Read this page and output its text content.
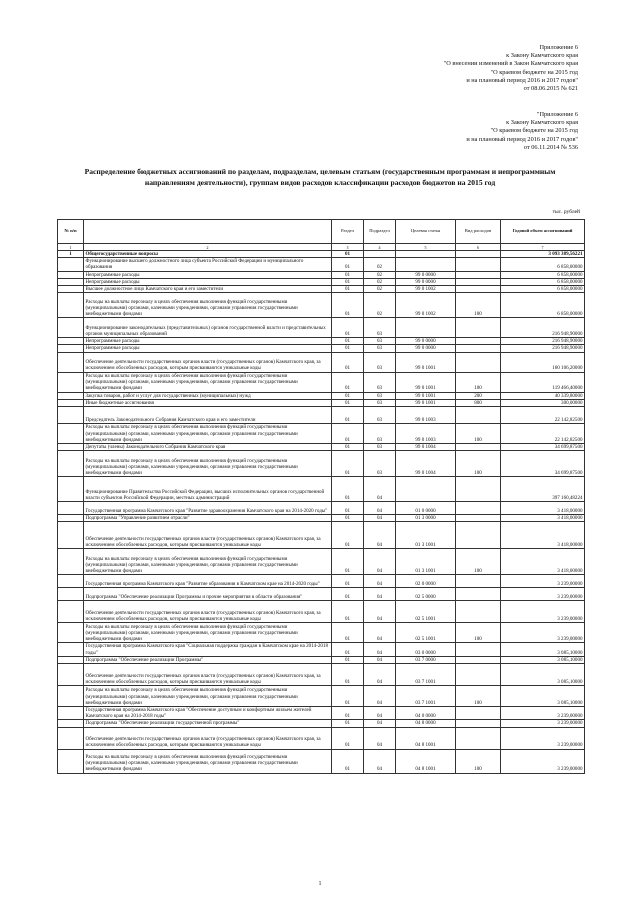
Приложение 6
к Закону Камчатского края
"О внесении изменений в Закон Камчатского края
"О краевом бюджете на 2015 год
и на плановый период 2016 и 2017 годов"
от 08.06.2015 № 621
"Приложение 6
к Закону Камчатского края
"О краевом бюджете на 2015 год
и на плановый период 2016 и 2017 годов"
от 06.11.2014 № 536
Распределение бюджетных ассигнований по разделам, подразделам, целевым статьям (государственным программам и непрограммным направлениям деятельности), группам видов расходов классификации расходов бюджетов на 2015 год
тыс. рублей
№ п/п		Раздел	Подраздел	Целевая статья	Вид расходов	Годовой объем ассигнований
1	2	3	4	5	6	7
1	Общегосударственные вопросы	01				3 093 389,56221
	Функционирование высшего должностного лица субъекта Российской Федерации и муниципального образования	01	02			6 858,00000
	Непрограммные расходы	01	02	99 0 0000		6 858,00000
	Непрограммные расходы	01	02	99 0 0000		6 858,00000
	Высшее должностное лицо Камчатского края и его заместители	01	02	99 0 1002		6 858,00000
	Расходы на выплаты персоналу в целях обеспечения выполнения функций государственными (муниципальными) органами, казенными учреждениями, органами управления государственными внебюджетными фондами	01	02	99 0 1002	100	6 858,00000
	Функционирование законодательных (представительных) органов государственной власти и представительных органов муниципальных образований	01	03			216 948,90000
	Непрограммные расходы	01	03	99 0 0000		216 948,90000
	Непрограммные расходы	01	03	99 0 0000		216 948,90000
	Обеспечение деятельности государственных органов власти (государственных органов) Камчатского края, за исключением обособленных расходов, которым присваиваются уникальные коды	01	03	99 0 1001		160 106,20000
	Расходы на выплаты персоналу в целях обеспечения выполнения функций государственными (муниципальными) органами, казенными учреждениями, органами управления государственными внебюджетными фондами	01	03	99 0 1001	100	119 466,40000
	Закупка товаров, работ и услуг для государственных (муниципальных) нужд	01	03	99 0 1001	200	40 339,80000
	Иные бюджетные ассигнования	01	03	99 0 1001	800	300,00000
	Председатель Законодательного Собрания Камчатского края и его заместители	01	03	99 0 1003		22 142,82500
	Расходы на выплаты персоналу в целях обеспечения выполнения функций государственными (муниципальными) органами, казенными учреждениями, органами управления государственными внебюджетными фондами	01	03	99 0 1003	100	22 142,82500
	Депутаты (члены) Законодательного Собрания Камчатского края	01	03	99 0 1004		34 699,87500
	Расходы на выплаты персоналу в целях обеспечения выполнения функций государственными (муниципальными) органами, казенными учреждениями, органами управления государственными внебюджетными фондами	01	03	99 0 1004	100	34 699,87500
	Функционирование Правительства Российской Федерации, высших исполнительных органов государственной власти субъектов Российской Федерации, местных администраций	01	04			397 160,48224
	Государственная программа Камчатского края "Развитие здравоохранения Камчатского края на 2014-2020 годы"	01	04	01 0 0000		3 418,00000
	Подпрограмма "Управление развитием отрасли"	01	04	01 3 0000		3 418,00000
	Обеспечение деятельности государственных органов власти (государственных органов) Камчатского края, за исключением обособленных расходов, которым присваиваются уникальные коды	01	04	01 3 1001		3 418,00000
	Расходы на выплаты персоналу в целях обеспечения выполнения функций государственными (муниципальными) органами, казенными учреждениями, органами управления государственными внебюджетными фондами	01	04	01 3 1001	100	3 418,00000
	Государственная программа Камчатского края "Развитие образования в Камчатском крае на 2014-2020 годы"	01	04	02 0 0000		3 239,00000
	Подпрограмма "Обеспечение реализации Программы и прочие мероприятия в области образования"	01	04	02 5 0000		3 239,00000
	Обеспечение деятельности государственных органов власти (государственных органов) Камчатского края, за исключением обособленных расходов, которым присваиваются уникальные коды	01	04	02 5 1001		3 239,00000
	Расходы на выплаты персоналу в целях обеспечения выполнения функций государственными (муниципальными) органами, казенными учреждениями, органами управления государственными внебюджетными фондами	01	04	02 5 1001	100	3 239,00000
	Государственная программа Камчатского края "Социальная поддержка граждан в Камчатском крае на 2014-2018 годы"	01	04	03 0 0000		3 085,10000
	Подпрограмма "Обеспечение реализации Программы"	01	04	03 7 0000		3 085,10000
	Обеспечение деятельности государственных органов власти (государственных органов) Камчатского края, за исключением обособленных расходов, которым присваиваются уникальные коды	01	04	03 7 1001		3 085,10000
	Расходы на выплаты персоналу в целях обеспечения выполнения функций государственными (муниципальными) органами, казенными учреждениями, органами управления государственными внебюджетными фондами	01	04	03 7 1001	100	3 085,10000
	Государственная программа Камчатского края "Обеспечение доступным и комфортным жильем жителей Камчатского края на 2014-2018 годы"	01	04	04 0 0000		3 239,00000
	Подпрограмма "Обеспечение реализации государственной программы"	01	04	04 8 0000		3 239,00000
	Обеспечение деятельности государственных органов власти (государственных органов) Камчатского края, за исключением обособленных расходов, которым присваиваются уникальные коды	01	04	04 8 1001		3 239,00000
	Расходы на выплаты персоналу в целях обеспечения выполнения функций государственными (муниципальными) органами, казенными учреждениями, органами управления государственными внебюджетными фондами	01	04	04 8 1001	100	3 239,00000
1
